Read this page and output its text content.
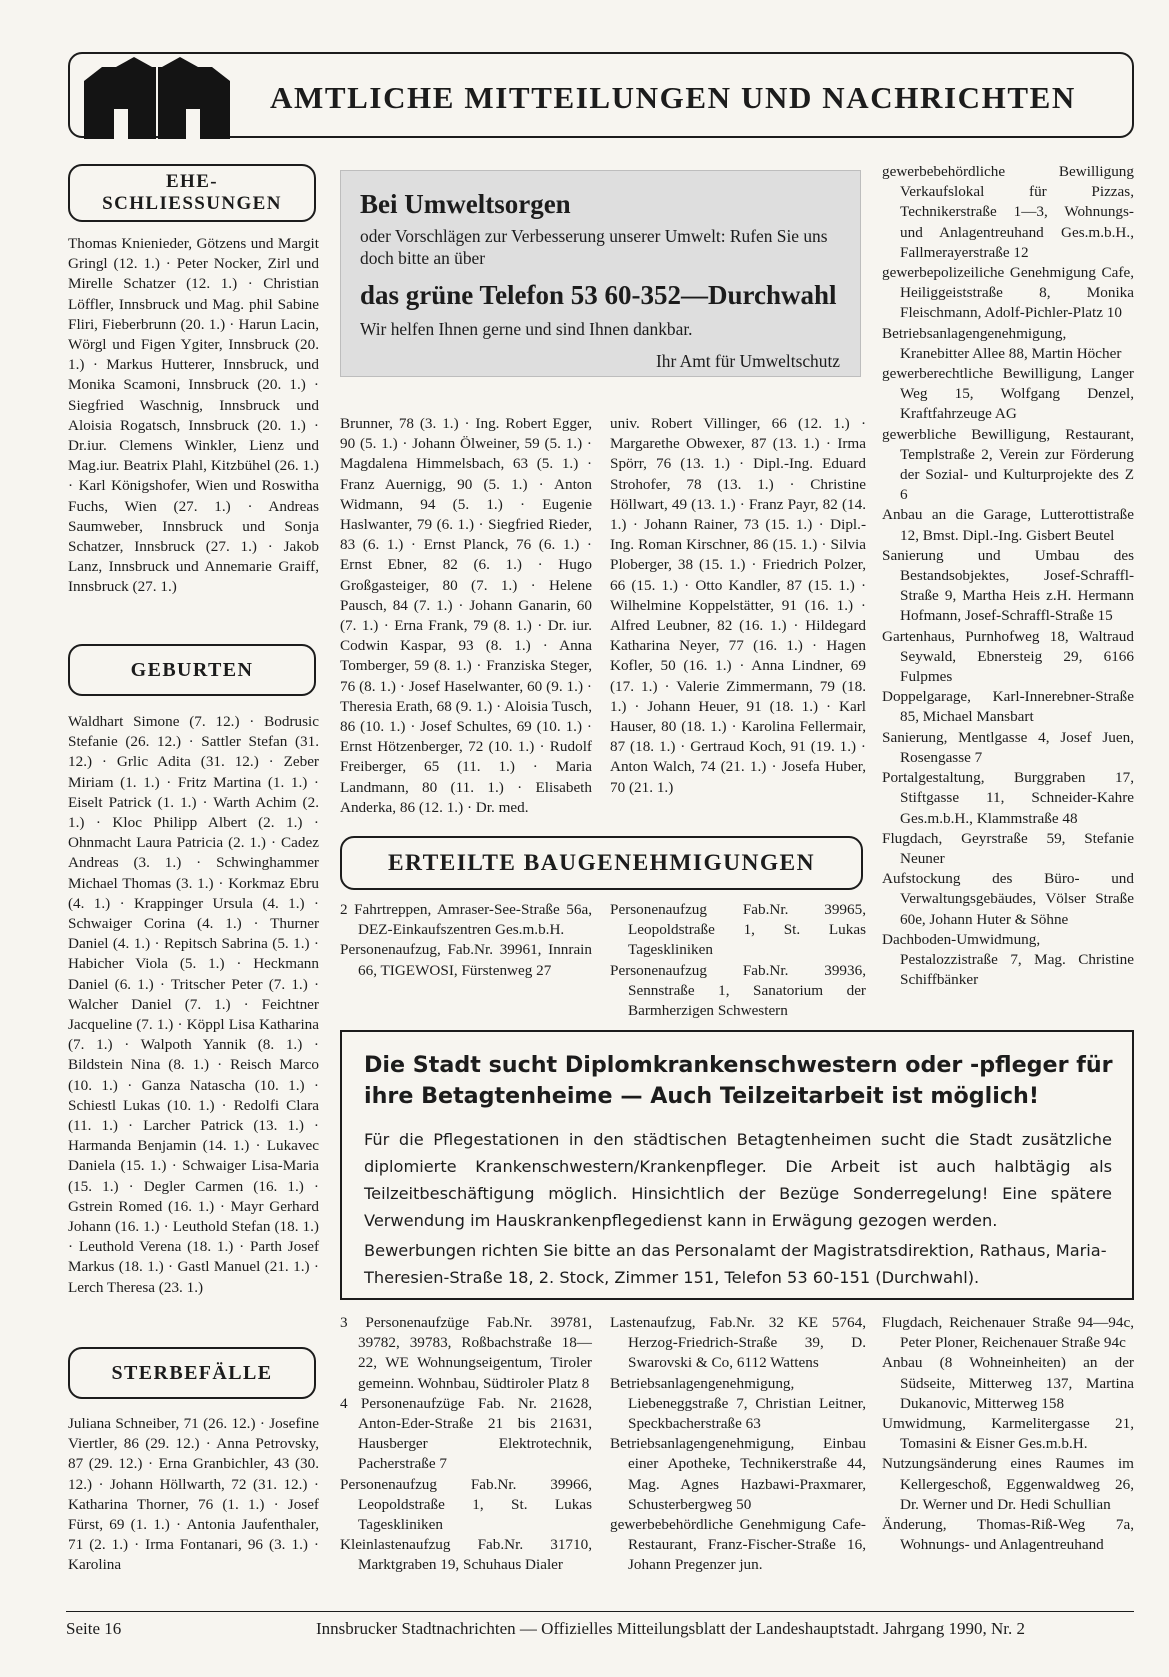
AMTLICHE MITTEILUNGEN UND NACHRICHTEN
EHE-
SCHLIESSUNGEN

Thomas Knienieder, Götzens und Margit Gringl (12. 1.) · Peter Nocker, Zirl und Mirelle Schatzer (12. 1.) · Christian Löffler, Innsbruck und Mag. phil Sabine Fliri, Fieberbrunn (20. 1.) · Harun Lacin, Wörgl und Figen Ygiter, Innsbruck (20. 1.) · Markus Hutterer, Innsbruck, und Monika Scamoni, Innsbruck (20. 1.) · Siegfried Waschnig, Innsbruck und Aloisia Rogatsch, Innsbruck (20. 1.) · Dr.iur. Clemens Winkler, Lienz und Mag.iur. Beatrix Plahl, Kitzbühel (26. 1.) · Karl Königshofer, Wien und Roswitha Fuchs, Wien (27. 1.) · Andreas Saumweber, Innsbruck und Sonja Schatzer, Innsbruck (27. 1.) · Jakob Lanz, Innsbruck und Annemarie Graiff, Innsbruck (27. 1.)

GEBURTEN

Waldhart Simone (7. 12.) · Bodrusic Stefanie (26. 12.) · Sattler Stefan (31. 12.) · Grlic Adita (31. 12.) · Zeber Miriam (1. 1.) · Fritz Martina (1. 1.) · Eiselt Patrick (1. 1.) · Warth Achim (2. 1.) · Kloc Philipp Albert (2. 1.) · Ohnmacht Laura Patricia (2. 1.) · Cadez Andreas (3. 1.) · Schwinghammer Michael Thomas (3. 1.) · Korkmaz Ebru (4. 1.) · Krappinger Ursula (4. 1.) · Schwaiger Corina (4. 1.) · Thurner Daniel (4. 1.) · Repitsch Sabrina (5. 1.) · Habicher Viola (5. 1.) · Heckmann Daniel (6. 1.) · Tritscher Peter (7. 1.) · Walcher Daniel (7. 1.) · Feichtner Jacqueline (7. 1.) · Köppl Lisa Katharina (7. 1.) · Walpoth Yannik (8. 1.) · Bildstein Nina (8. 1.) · Reisch Marco (10. 1.) · Ganza Natascha (10. 1.) · Schiestl Lukas (10. 1.) · Redolfi Clara (11. 1.) · Larcher Patrick (13. 1.) · Harmanda Benjamin (14. 1.) · Lukavec Daniela (15. 1.) · Schwaiger Lisa-Maria (15. 1.) · Degler Carmen (16. 1.) · Gstrein Romed (16. 1.) · Mayr Gerhard Johann (16. 1.) · Leuthold Stefan (18. 1.) · Leuthold Verena (18. 1.) · Parth Josef Markus (18. 1.) · Gastl Manuel (21. 1.) · Lerch Theresa (23. 1.)

STERBEFÄLLE

Juliana Schneiber, 71 (26. 12.) · Josefine Viertler, 86 (29. 12.) · Anna Petrovsky, 87 (29. 12.) · Erna Granbichler, 43 (30. 12.) · Johann Höllwarth, 72 (31. 12.) · Katharina Thorner, 76 (1. 1.) · Josef Fürst, 69 (1. 1.) · Antonia Jaufenthaler, 71 (2. 1.) · Irma Fontanari, 96 (3. 1.) · Karolina

Bei Umweltsorgen
oder Vorschlägen zur Verbesserung unserer Umwelt: Rufen Sie uns doch bitte an über
das grüne Telefon 53 60-352—Durchwahl
Wir helfen Ihnen gerne und sind Ihnen dankbar.
Ihr Amt für Umweltschutz

Brunner, 78 (3. 1.) · Ing. Robert Egger, 90 (5. 1.) · Johann Ölweiner, 59 (5. 1.) · Magdalena Himmelsbach, 63 (5. 1.) · Franz Auernigg, 90 (5. 1.) · Anton Widmann, 94 (5. 1.) · Eugenie Haslwanter, 79 (6. 1.) · Siegfried Rieder, 83 (6. 1.) · Ernst Planck, 76 (6. 1.) · Ernst Ebner, 82 (6. 1.) · Hugo Großgasteiger, 80 (7. 1.) · Helene Pausch, 84 (7. 1.) · Johann Ganarin, 60 (7. 1.) · Erna Frank, 79 (8. 1.) · Dr. iur. Codwin Kaspar, 93 (8. 1.) · Anna Tomberger, 59 (8. 1.) · Franziska Steger, 76 (8. 1.) · Josef Haselwanter, 60 (9. 1.) · Theresia Erath, 68 (9. 1.) · Aloisia Tusch, 86 (10. 1.) · Josef Schultes, 69 (10. 1.) · Ernst Hötzenberger, 72 (10. 1.) · Rudolf Freiberger, 65 (11. 1.) · Maria Landmann, 80 (11. 1.) · Elisabeth Anderka, 86 (12. 1.) · Dr. med.

univ. Robert Villinger, 66 (12. 1.) · Margarethe Obwexer, 87 (13. 1.) · Irma Spörr, 76 (13. 1.) · Dipl.-Ing. Eduard Strohofer, 78 (13. 1.) · Christine Höllwart, 49 (13. 1.) · Franz Payr, 82 (14. 1.) · Johann Rainer, 73 (15. 1.) · Dipl.-Ing. Roman Kirschner, 86 (15. 1.) · Silvia Ploberger, 38 (15. 1.) · Friedrich Polzer, 66 (15. 1.) · Otto Kandler, 87 (15. 1.) · Wilhelmine Koppelstätter, 91 (16. 1.) · Alfred Leubner, 82 (16. 1.) · Hildegard Katharina Neyer, 77 (16. 1.) · Hagen Kofler, 50 (16. 1.) · Anna Lindner, 69 (17. 1.) · Valerie Zimmermann, 79 (18. 1.) · Johann Heuer, 91 (18. 1.) · Karl Hauser, 80 (18. 1.) · Karolina Fellermair, 87 (18. 1.) · Gertraud Koch, 91 (19. 1.) · Anton Walch, 74 (21. 1.) · Josefa Huber, 70 (21. 1.)

gewerbebehördliche Bewilligung Verkaufslokal für Pizzas, Technikerstraße 1—3, Wohnungs- und Anlagentreuhand Ges.m.b.H., Fallmerayerstraße 12

gewerbepolizeiliche Genehmigung Cafe, Heiliggeiststraße 8, Monika Fleischmann, Adolf-Pichler-Platz 10

Betriebsanlagengenehmigung, Kranebitter Allee 88, Martin Höcher

gewerberechtliche Bewilligung, Langer Weg 15, Wolfgang Denzel, Kraftfahrzeuge AG

gewerbliche Bewilligung, Restaurant, Templstraße 2, Verein zur Förderung der Sozial- und Kulturprojekte des Z 6

Anbau an die Garage, Lutterottistraße 12, Bmst. Dipl.-Ing. Gisbert Beutel

Sanierung und Umbau des Bestandsobjektes, Josef-Schraffl-Straße 9, Martha Heis z.H. Hermann Hofmann, Josef-Schraffl-Straße 15

Gartenhaus, Purnhofweg 18, Waltraud Seywald, Ebnersteig 29, 6166 Fulpmes

Doppelgarage, Karl-Innerebner-Straße 85, Michael Mansbart

Sanierung, Mentlgasse 4, Josef Juen, Rosengasse 7

Portalgestaltung, Burggraben 17, Stiftgasse 11, Schneider-Kahre Ges.m.b.H., Klammstraße 48

Flugdach, Geyrstraße 59, Stefanie Neuner

Aufstockung des Büro- und Verwaltungsgebäudes, Völser Straße 60e, Johann Huter & Söhne

Dachboden-Umwidmung, Pestalozzistraße 7, Mag. Christine Schiffbänker

ERTEILTE BAUGENEHMIGUNGEN

2 Fahrtreppen, Amraser-See-Straße 56a, DEZ-Einkaufszentren Ges.m.b.H.

Personenaufzug, Fab.Nr. 39961, Innrain 66, TIGEWOSI, Fürstenweg 27

Personenaufzug Fab.Nr. 39965, Leopoldstraße 1, St. Lukas Tageskliniken

Personenaufzug Fab.Nr. 39936, Sennstraße 1, Sanatorium der Barmherzigen Schwestern

Die Stadt sucht Diplomkrankenschwestern oder -pfleger für ihre Betagtenheime — Auch Teilzeitarbeit ist möglich!
Für die Pflegestationen in den städtischen Betagtenheimen sucht die Stadt zusätzliche diplomierte Krankenschwestern/Krankenpfleger. Die Arbeit ist auch halbtägig als Teilzeitbeschäftigung möglich. Hinsichtlich der Bezüge Sonderregelung! Eine spätere Verwendung im Hauskrankenpflegedienst kann in Erwägung gezogen werden.
Bewerbungen richten Sie bitte an das Personalamt der Magistratsdirektion, Rathaus, Maria-Theresien-Straße 18, 2. Stock, Zimmer 151, Telefon 53 60-151 (Durchwahl).

3 Personenaufzüge Fab.Nr. 39781, 39782, 39783, Roßbachstraße 18—22, WE Wohnungseigentum, Tiroler gemeinn. Wohnbau, Südtiroler Platz 8

4 Personenaufzüge Fab. Nr. 21628, Anton-Eder-Straße 21 bis 21631, Hausberger Elektrotechnik, Pacherstraße 7

Personenaufzug Fab.Nr. 39966, Leopoldstraße 1, St. Lukas Tageskliniken

Kleinlastenaufzug Fab.Nr. 31710, Marktgraben 19, Schuhaus Dialer

Lastenaufzug, Fab.Nr. 32 KE 5764, Herzog-Friedrich-Straße 39, D. Swarovski & Co, 6112 Wattens

Betriebsanlagengenehmigung, Liebeneggstraße 7, Christian Leitner, Speckbacherstraße 63

Betriebsanlagengenehmigung, Einbau einer Apotheke, Technikerstraße 44, Mag. Agnes Hazbawi-Praxmarer, Schusterbergweg 50

gewerbebehördliche Genehmigung Cafe-Restaurant, Franz-Fischer-Straße 16, Johann Pregenzer jun.

Flugdach, Reichenauer Straße 94—94c, Peter Ploner, Reichenauer Straße 94c

Anbau (8 Wohneinheiten) an der Südseite, Mitterweg 137, Martina Dukanovic, Mitterweg 158

Umwidmung, Karmelitergasse 21, Tomasini & Eisner Ges.m.b.H.

Nutzungsänderung eines Raumes im Kellergeschoß, Eggenwaldweg 26, Dr. Werner und Dr. Hedi Schullian

Änderung, Thomas-Riß-Weg 7a, Wohnungs- und Anlagentreuhand

Seite 16	Innsbrucker Stadtnachrichten — Offizielles Mitteilungsblatt der Landeshauptstadt. Jahrgang 1990, Nr. 2
